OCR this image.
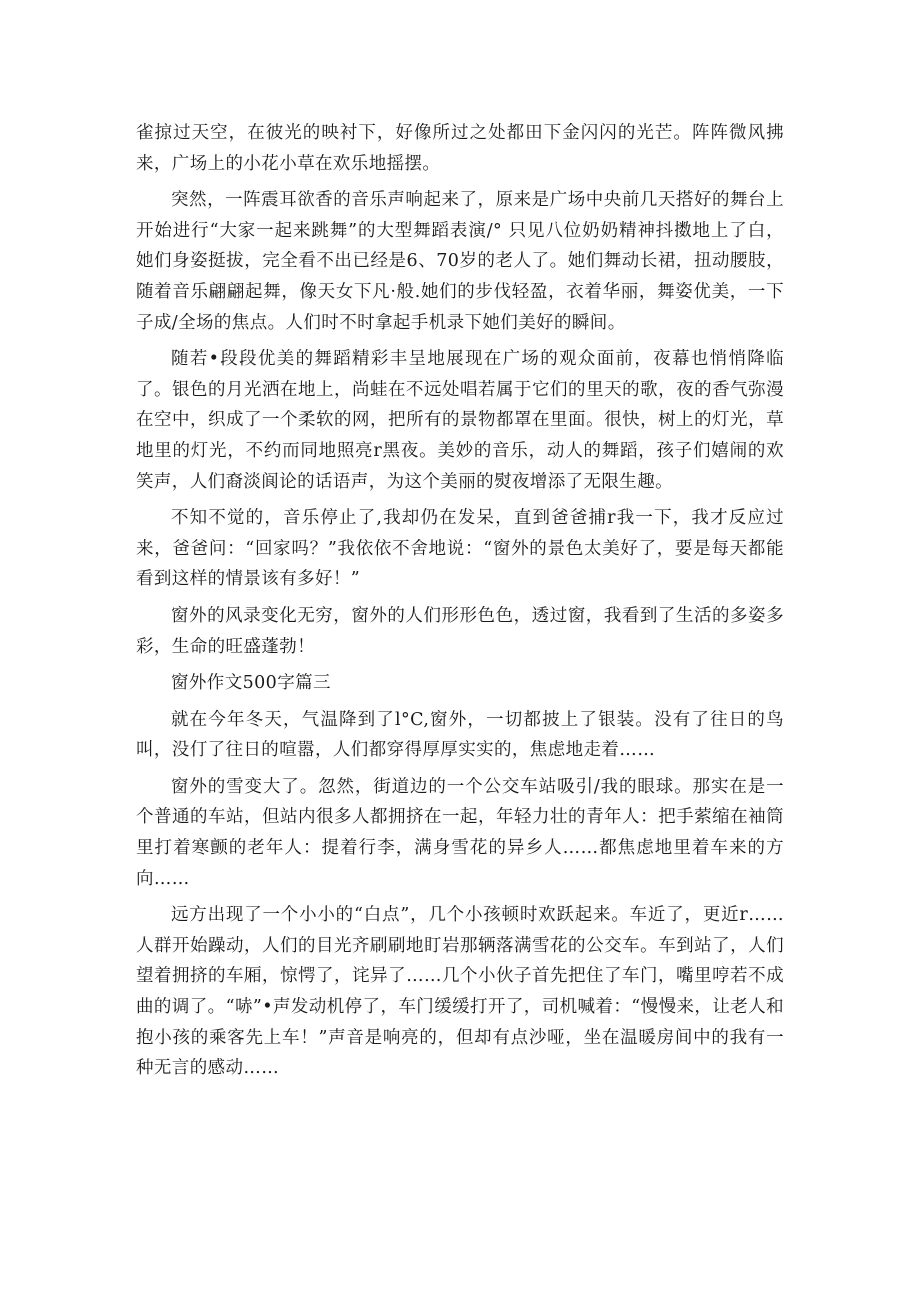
雀掠过天空，在彼光的映衬下，好像所过之处都田下金闪闪的光芒。阵阵微风拂来，广场上的小花小草在欢乐地摇摆。

突然，一阵震耳欲香的音乐声响起来了，原来是广场中央前几天搭好的舞台上开始进行“大家一起来跳舞”的大型舞蹈表演/° 只见八位奶奶精神抖擞地上了白，她们身姿挺拔，完全看不出已经是6、70岁的老人了。她们舞动长裙，扭动腰肢，随着音乐翩翩起舞，像天女下凡·般.她们的步伐轻盈，衣着华丽，舞姿优美，一下子成/全场的焦点。人们时不时拿起手机录下她们美好的瞬间。

随若•段段优美的舞蹈精彩丰呈地展现在广场的观众面前，夜幕也悄悄降临了。银色的月光洒在地上，尚蛙在不远处唱若属于它们的里天的歌，夜的香气弥漫在空中，织成了一个柔软的网，把所有的景物都罩在里面。很快，树上的灯光，草地里的灯光，不约而同地照亮r黑夜。美妙的音乐，动人的舞蹈，孩子们嬉闹的欢笑声，人们裔淡阆论的话语声，为这个美丽的熨夜增添了无限生趣。

不知不觉的，音乐停止了,我却仍在发呆，直到爸爸捕r我一下，我才反应过来，爸爸问：“回家吗？”我依依不舍地说：“窗外的景色太美好了，要是每天都能看到这样的情景该有多好！”

窗外的风录变化无穷，窗外的人们形形色色，透过窗，我看到了生活的多姿多彩，生命的旺盛蓬勃！

窗外作文500字篇三

就在今年冬天，气温降到了l°C,窗外，一切都披上了银装。没有了往日的鸟叫，没仃了往日的喧嚣，人们都穿得厚厚实实的，焦虑地走着……

窗外的雪变大了。忽然，街道边的一个公交车站吸引/我的眼球。那实在是一个普通的车站，但站内很多人都拥挤在一起，年轻力壮的青年人：把手萦缩在袖筒里打着寒颤的老年人：提着行李，满身雪花的异乡人……都焦虑地里着车来的方向……

远方出现了一个小小的“白点”，几个小孩顿时欢跃起来。车近了，更近r……人群开始躁动，人们的目光齐刷刷地盯岩那辆落满雪花的公交车。车到站了，人们望着拥挤的车厢，惊愕了，诧异了……几个小伙子首先把住了车门，嘴里哼若不成曲的调了。“哧”•声发动机停了，车门缓缓打开了，司机喊着：“慢慢来，让老人和抱小孩的乘客先上车！”声音是响亮的，但却有点沙哑，坐在温暖房间中的我有一种无言的感动……
